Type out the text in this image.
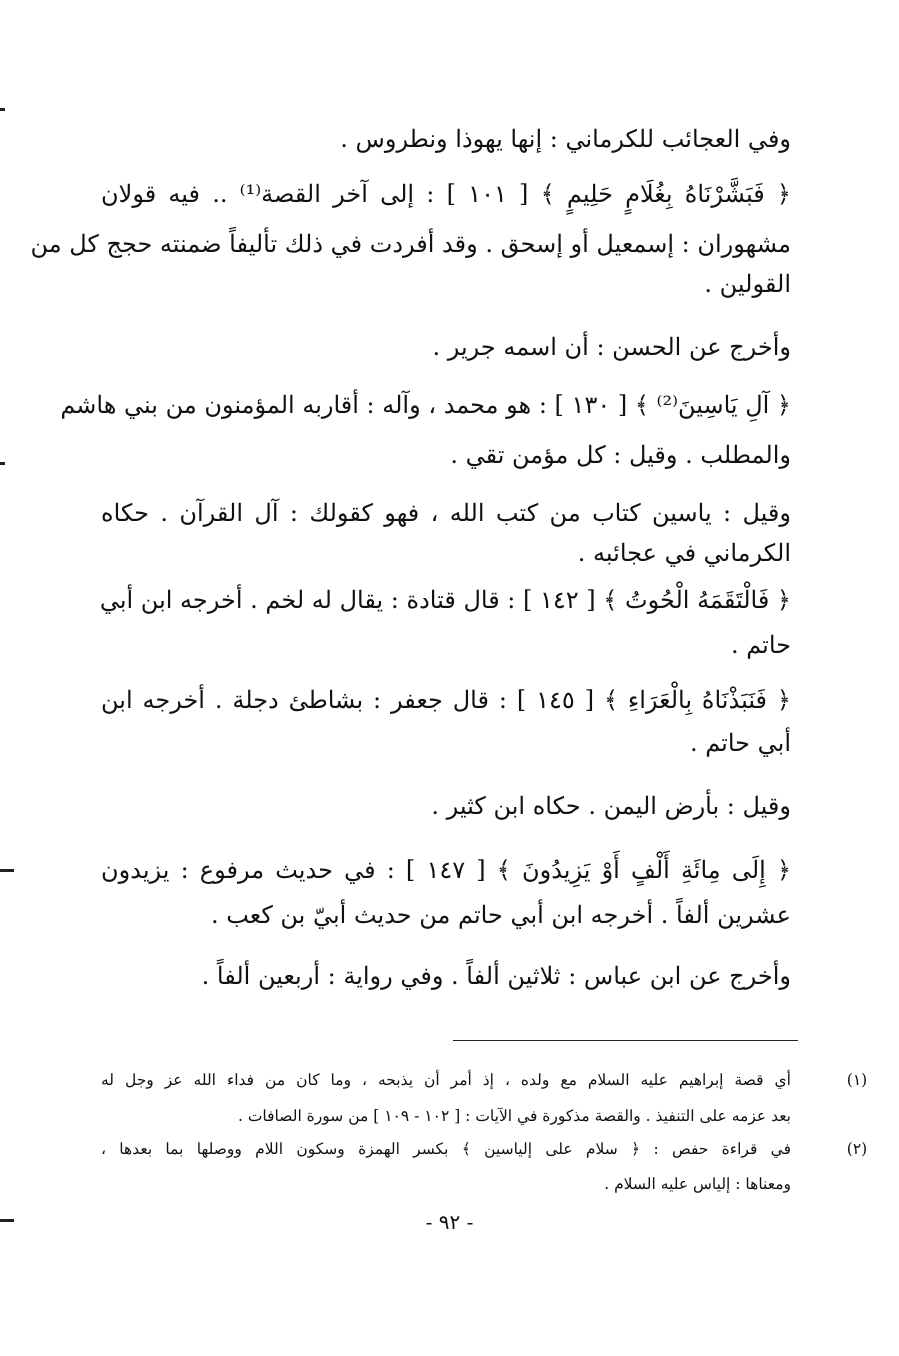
وفي العجائب للكرماني : إنها يهوذا ونطروس .
﴿ فَبَشَّرْنَاهُ بِغُلَامٍ حَلِيمٍ ﴾ [ ١٠١ ] : إلى آخر القصة⁽¹⁾ .. فيه قولان
مشهوران : إسمعيل أو إسحق . وقد أفردت في ذلك تأليفاً ضمنته حجج كل من
القولين .
وأخرج عن الحسن : أن اسمه جرير .
﴿ آلِ يَاسِينَ⁽²⁾ ﴾ [ ١٣٠ ] : هو محمد ، وآله : أقاربه المؤمنون من بني هاشم
والمطلب . وقيل : كل مؤمن تقي .
وقيل : ياسين كتاب من كتب الله ، فهو كقولك : آل القرآن . حكاه
الكرماني في عجائبه .
﴿ فَالْتَقَمَهُ الْحُوتُ ﴾ [ ١٤٢ ] : قال قتادة : يقال له لخم . أخرجه ابن أبي
حاتم .
﴿ فَنَبَذْنَاهُ بِالْعَرَاءِ ﴾ [ ١٤٥ ] : قال جعفر : بشاطئ دجلة . أخرجه ابن
أبي حاتم .
وقيل : بأرض اليمن . حكاه ابن كثير .
﴿ إِلَى مِائَةِ أَلْفٍ أَوْ يَزِيدُونَ ﴾ [ ١٤٧ ] : في حديث مرفوع : يزيدون
عشرين ألفاً . أخرجه ابن أبي حاتم من حديث أبيّ بن كعب .
وأخرج عن ابن عباس : ثلاثين ألفاً . وفي رواية : أربعين ألفاً .
(١)
أي قصة إبراهيم عليه السلام مع ولده ، إذ أمر أن يذبحه ، وما كان من فداء الله عز وجل له
بعد عزمه على التنفيذ . والقصة مذكورة في الآيات : [ ١٠٢ - ١٠٩ ] من سورة الصافات .
(٢)
في قراءة حفص : ﴿ سلام على إلياسين ﴾ بكسر الهمزة وسكون اللام ووصلها بما بعدها ،
ومعناها : إلياس عليه السلام .
- ٩٢ -
